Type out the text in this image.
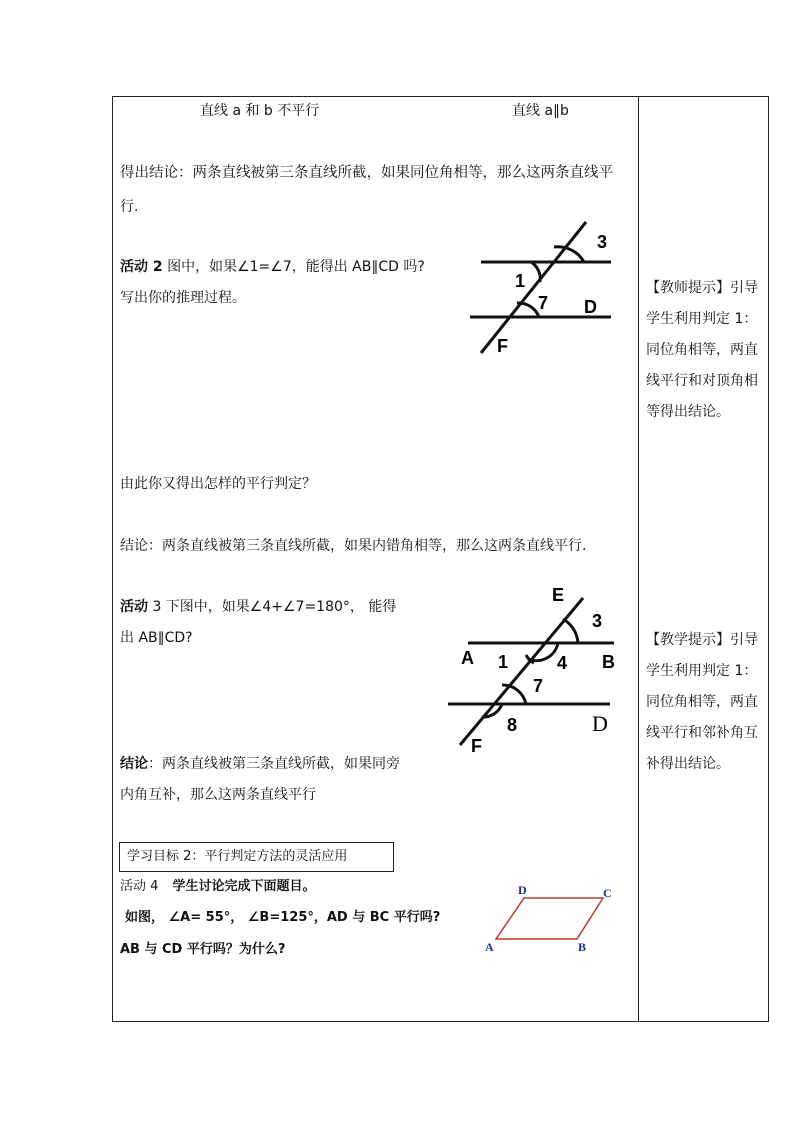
直线 a 和 b 不平行	直线 a∥b
得出结论：两条直线被第三条直线所截，如果同位角相等，那么这两条直线平
行.
活动 2 图中，如果∠1=∠7，能得出 AB∥CD 吗?
写出你的推理过程。
3
1
7 D
F
由此你又得出怎样的平行判定？
结论：两条直线被第三条直线所截，如果内错角相等，那么这两条直线平行.
活动 3 下图中，如果∠4+∠7=180°， 能得
出 AB∥CD?
E
3
A 1	4 B
7
8	D
F
结论：两条直线被第三条直线所截，如果同旁
内角互补，那么这两条直线平行
学习目标 2：平行判定方法的灵活应用
活动 4 学生讨论完成下面题目。
如图， ∠A= 55°， ∠B=125°，AD 与 BC 平行吗?
AB 与 CD 平行吗？为什么?
D	C
A	B
【教师提示】引导
学生利用判定 1：
同位角相等，两直
线平行和对顶角相
等得出结论。
【教学提示】引导
学生利用判定 1：
同位角相等，两直
线平行和邻补角互
补得出结论。
